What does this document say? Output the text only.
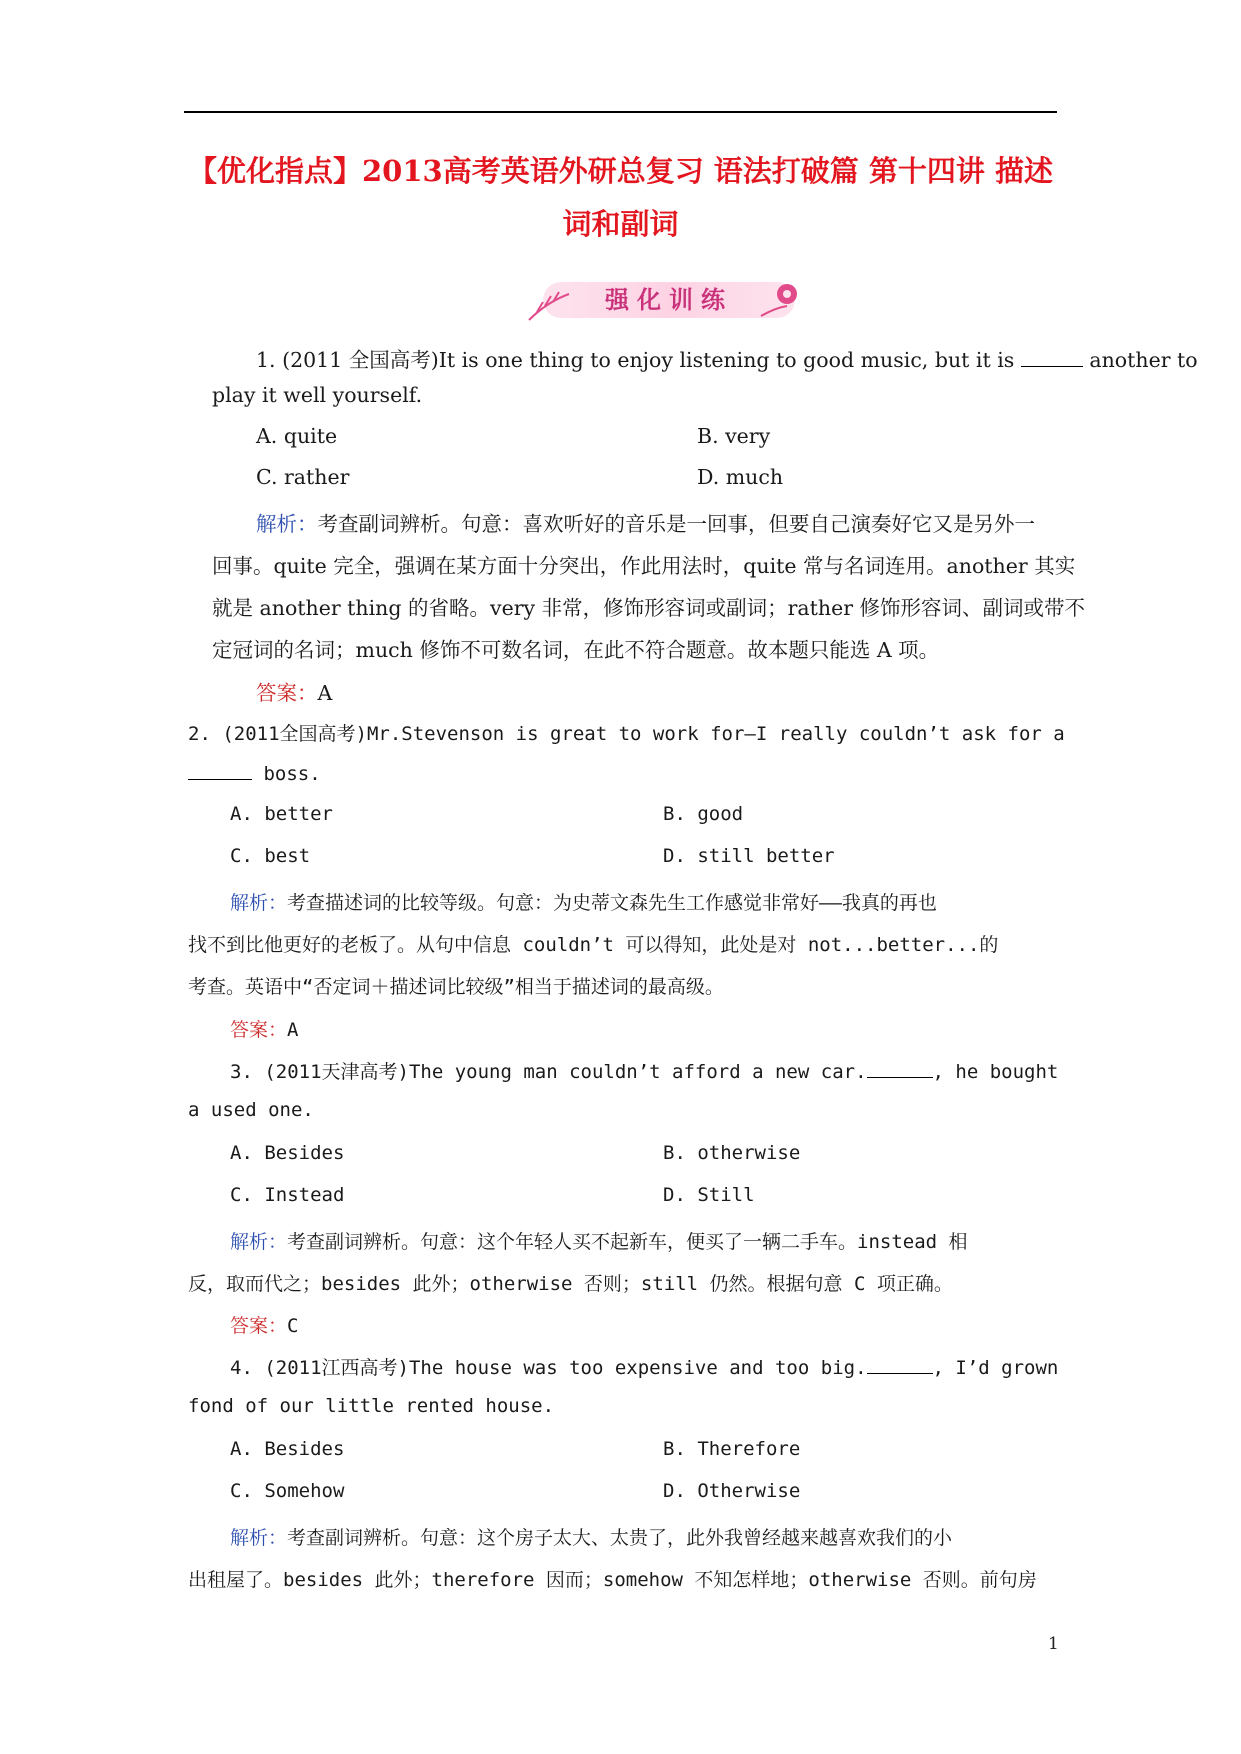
【优化指点】2013高考英语外研总复习 语法打破篇 第十四讲 描述
词和副词
强化训练
1. (2011 全国高考)It is one thing to enjoy listening to good music, but it is	another to
play it well yourself.
A. quite	B. very
C. rather	D. much
解析：考查副词辨析。句意：喜欢听好的音乐是一回事，但要自己演奏好它又是另外一
回事。quite 完全，强调在某方面十分突出，作此用法时，quite 常与名词连用。another 其实
就是 another thing 的省略。very 非常，修饰形容词或副词；rather 修饰形容词、副词或带不
定冠词的名词；much 修饰不可数名词，在此不符合题意。故本题只能选 A 项。
答案：A
2. (2011全国高考)Mr.Stevenson is great to work for—I really couldn’t ask for a
boss.
A. better	B. good
C. best	D. still better
解析：考查描述词的比较等级。句意：为史蒂文森先生工作感觉非常好——我真的再也
找不到比他更好的老板了。从句中信息 couldn’t 可以得知，此处是对 not...better...的
考查。英语中“否定词＋描述词比较级”相当于描述词的最高级。
答案：A
3. (2011天津高考)The young man couldn’t afford a new car.	, he bought
a used one.
A. Besides	B. otherwise
C. Instead	D. Still
解析：考查副词辨析。句意：这个年轻人买不起新车，便买了一辆二手车。instead 相
反，取而代之；besides 此外；otherwise 否则；still 仍然。根据句意 C 项正确。
答案：C
4. (2011江西高考)The house was too expensive and too big.	, I’d grown
fond of our little rented house.
A. Besides	B. Therefore
C. Somehow	D. Otherwise
解析：考查副词辨析。句意：这个房子太大、太贵了，此外我曾经越来越喜欢我们的小
出租屋了。besides 此外；therefore 因而；somehow 不知怎样地；otherwise 否则。前句房
1
